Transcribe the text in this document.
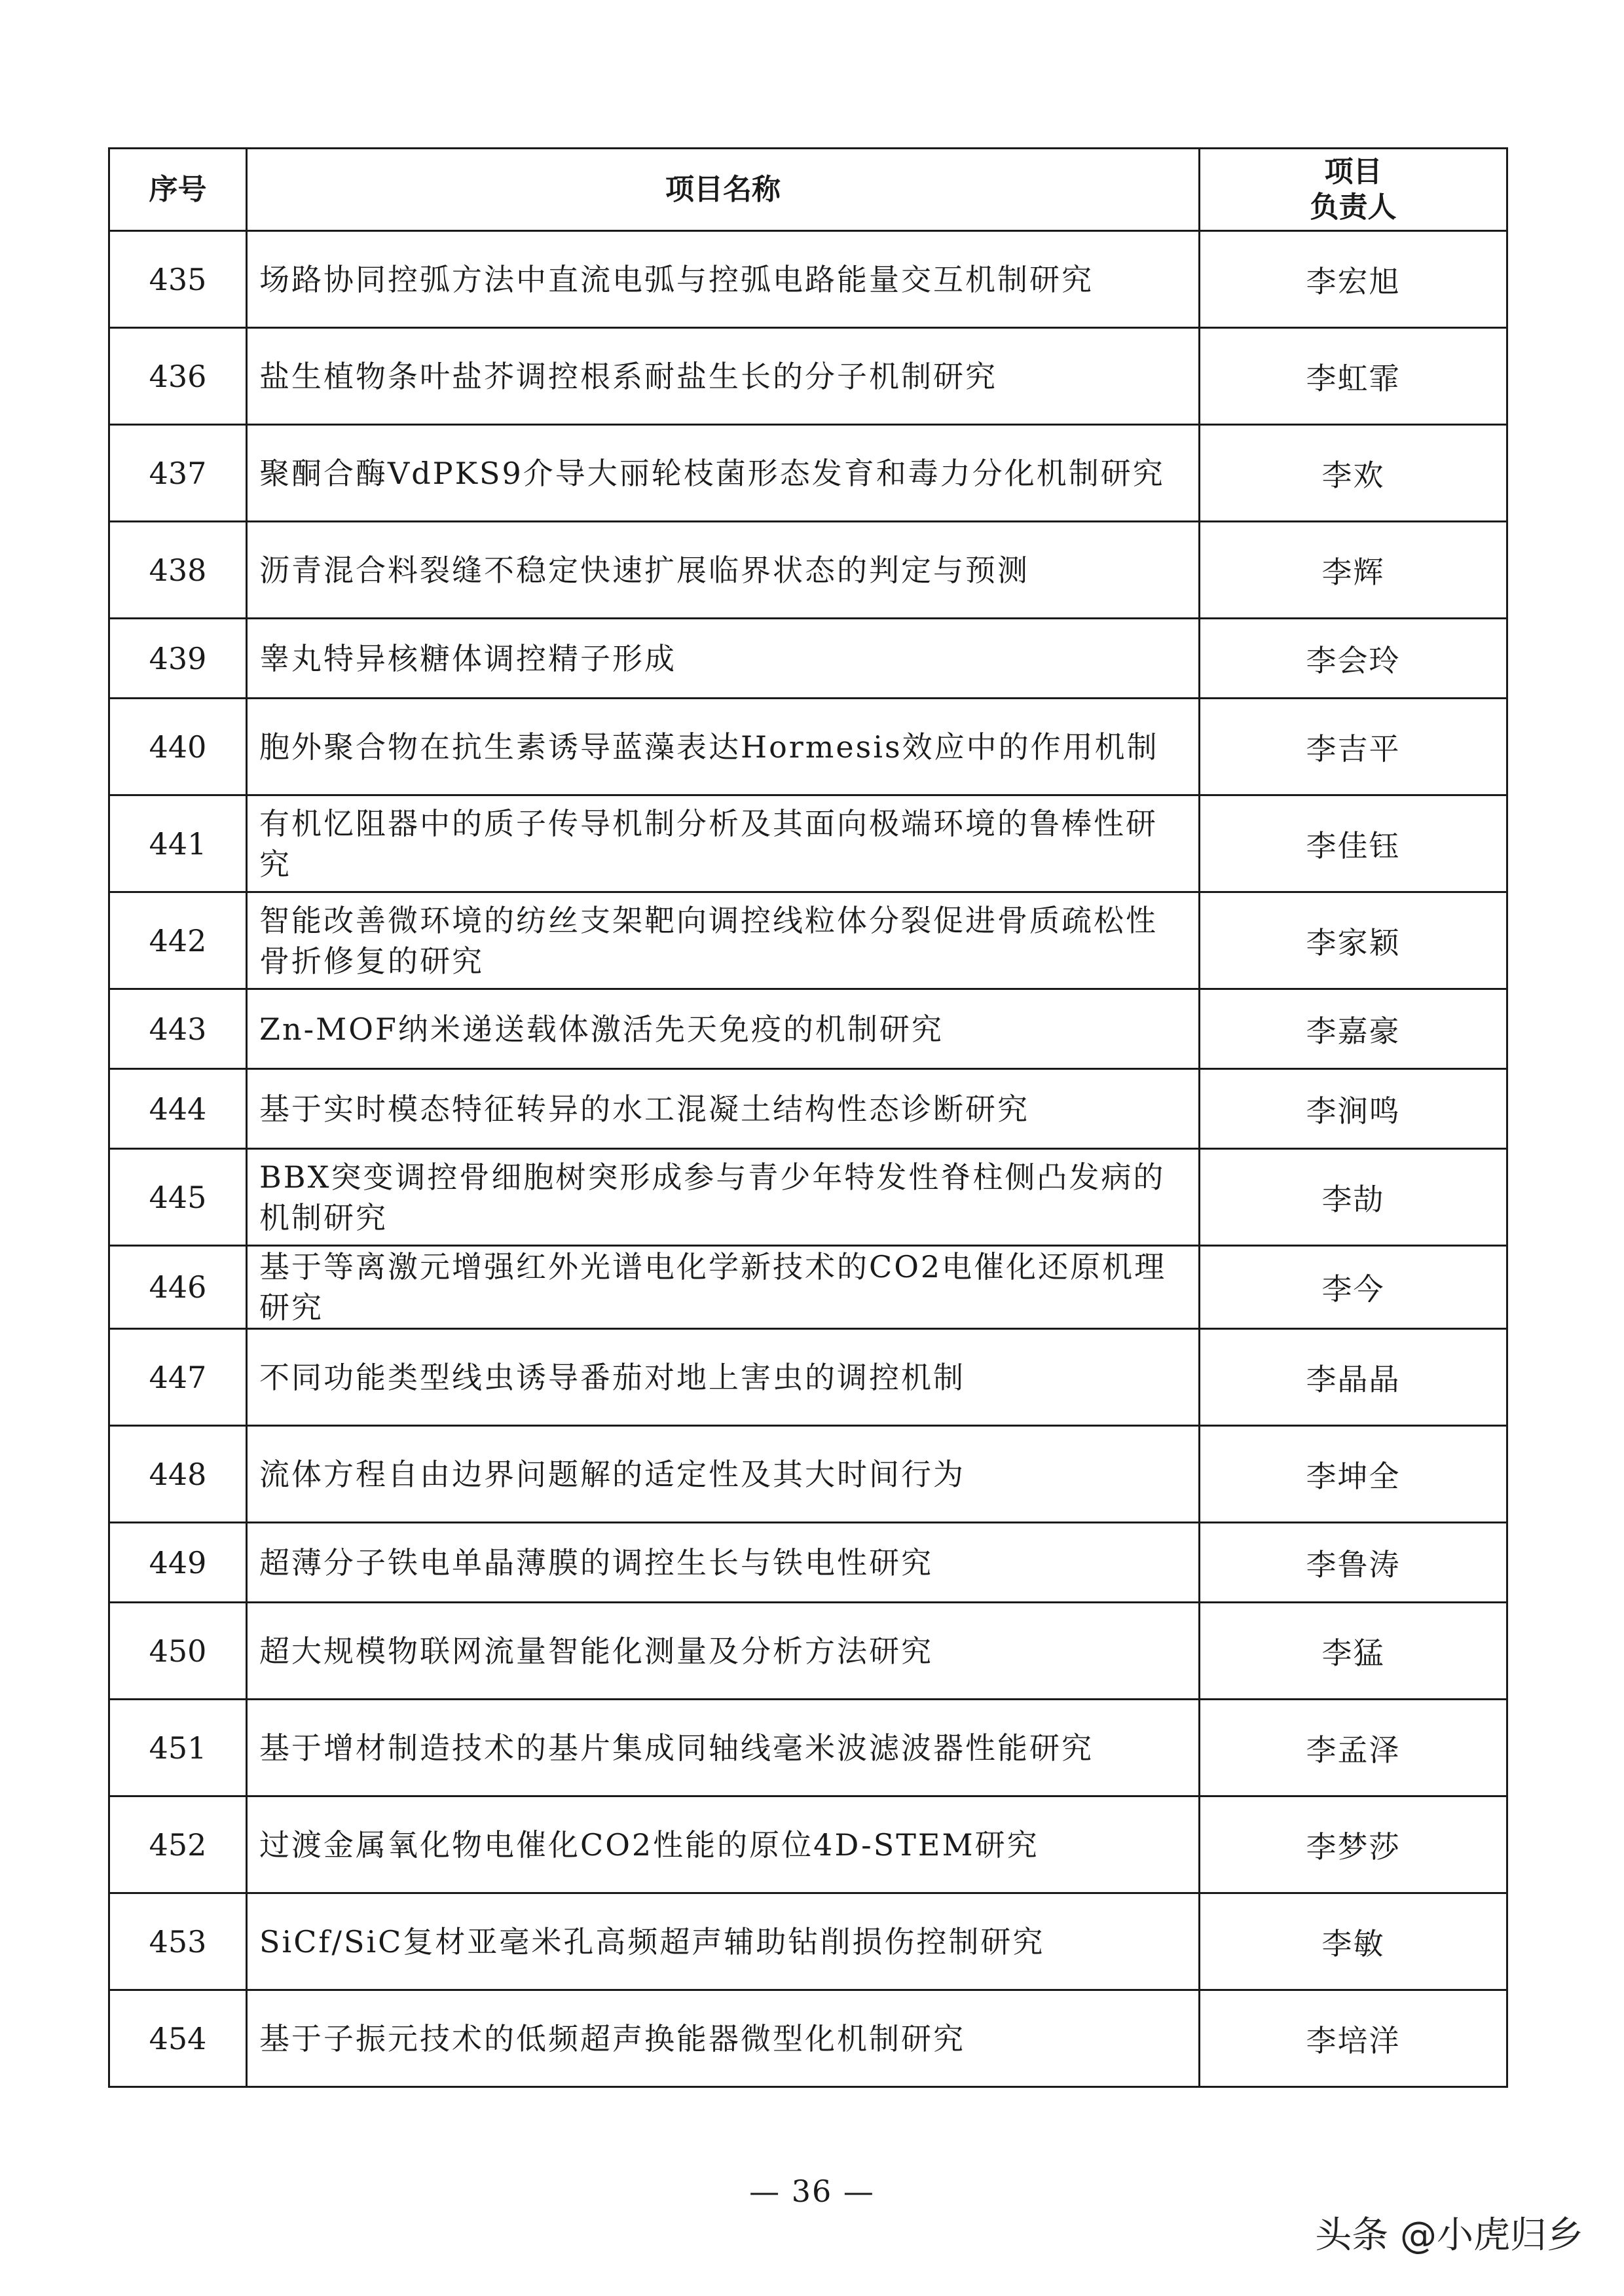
序号	项目名称	项目
负责人

435	场路协同控弧方法中直流电弧与控弧电路能量交互机制研究	李宏旭
436	盐生植物条叶盐芥调控根系耐盐生长的分子机制研究	李虹霏
437	聚酮合酶VdPKS9介导大丽轮枝菌形态发育和毒力分化机制研究	李欢
438	沥青混合料裂缝不稳定快速扩展临界状态的判定与预测	李辉
439	睾丸特异核糖体调控精子形成	李会玲
440	胞外聚合物在抗生素诱导蓝藻表达Hormesis效应中的作用机制	李吉平
441	有机忆阻器中的质子传导机制分析及其面向极端环境的鲁棒性研究	李佳钰
442	智能改善微环境的纺丝支架靶向调控线粒体分裂促进骨质疏松性骨折修复的研究	李家颖
443	Zn-MOF纳米递送载体激活先天免疫的机制研究	李嘉豪
444	基于实时模态特征转异的水工混凝土结构性态诊断研究	李涧鸣
445	BBX突变调控骨细胞树突形成参与青少年特发性脊柱侧凸发病的机制研究	李劼
446	基于等离激元增强红外光谱电化学新技术的CO2电催化还原机理研究	李今
447	不同功能类型线虫诱导番茄对地上害虫的调控机制	李晶晶
448	流体方程自由边界问题解的适定性及其大时间行为	李坤全
449	超薄分子铁电单晶薄膜的调控生长与铁电性研究	李鲁涛
450	超大规模物联网流量智能化测量及分析方法研究	李猛
451	基于增材制造技术的基片集成同轴线毫米波滤波器性能研究	李孟泽
452	过渡金属氧化物电催化CO2性能的原位4D-STEM研究	李梦莎
453	SiCf/SiC复材亚毫米孔高频超声辅助钻削损伤控制研究	李敏
454	基于子振元技术的低频超声换能器微型化机制研究	李培洋
— 36 —
头条 @小虎归乡
